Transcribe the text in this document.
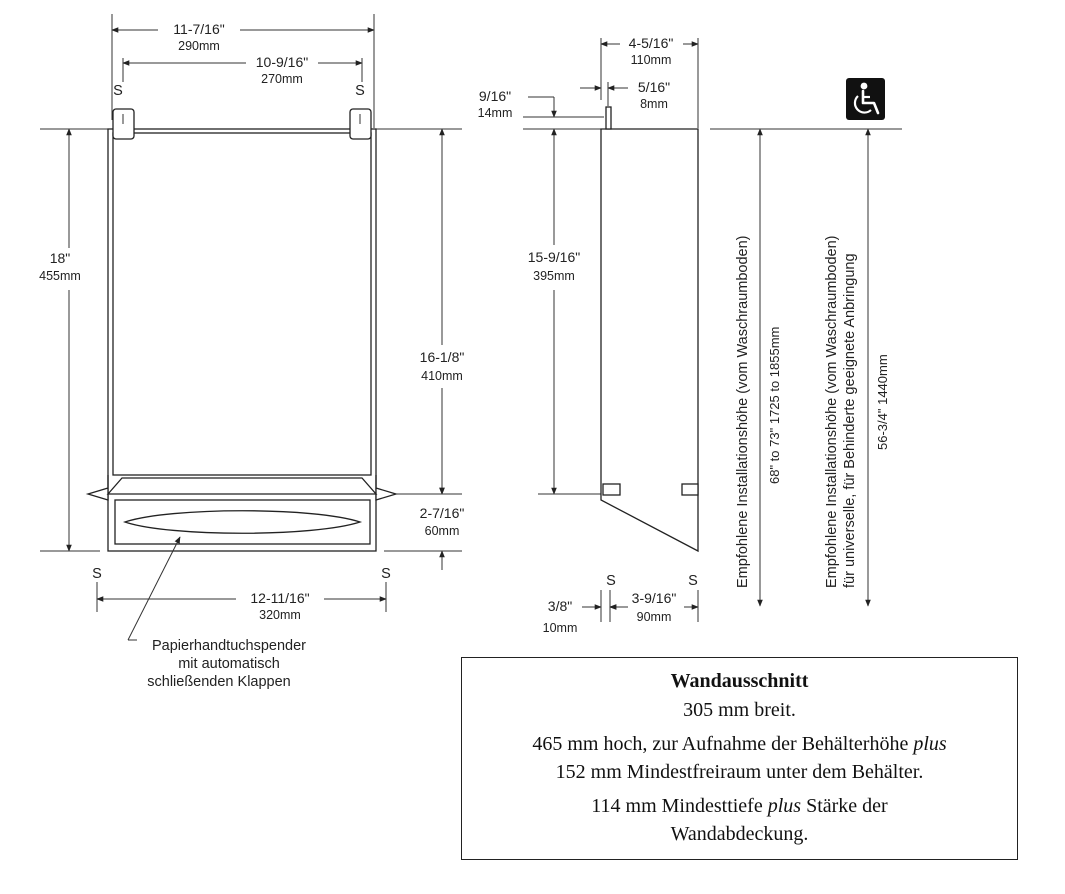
S	S
S	S
11-7/16"
290mm
10-9/16"
270mm
18"
455mm
16-1/8"
410mm
2-7/16"
60mm
12-11/16"
320mm
Papierhandtuchspender
mit automatisch
schließenden Klappen
S	S
4-5/16"
110mm
5/16"
8mm
9/16"
14mm
15-9/16"
395mm
3/8"
10mm
3-9/16"
90mm
Empfohlene Installationshöhe (vom Waschraumboden) 68" to 73" 1725 to 1855mm	Empfohlene Installationshöhe (vom Waschraumboden) für universelle, für Behinderte geeignete Anbringung 56-3/4" 1440mm
Wandausschnitt
305 mm breit.
465 mm hoch, zur Aufnahme der Behälterhöhe plus
152 mm Mindestfreiraum unter dem Behälter.
114 mm Mindesttiefe plus Stärke der
Wandabdeckung.
